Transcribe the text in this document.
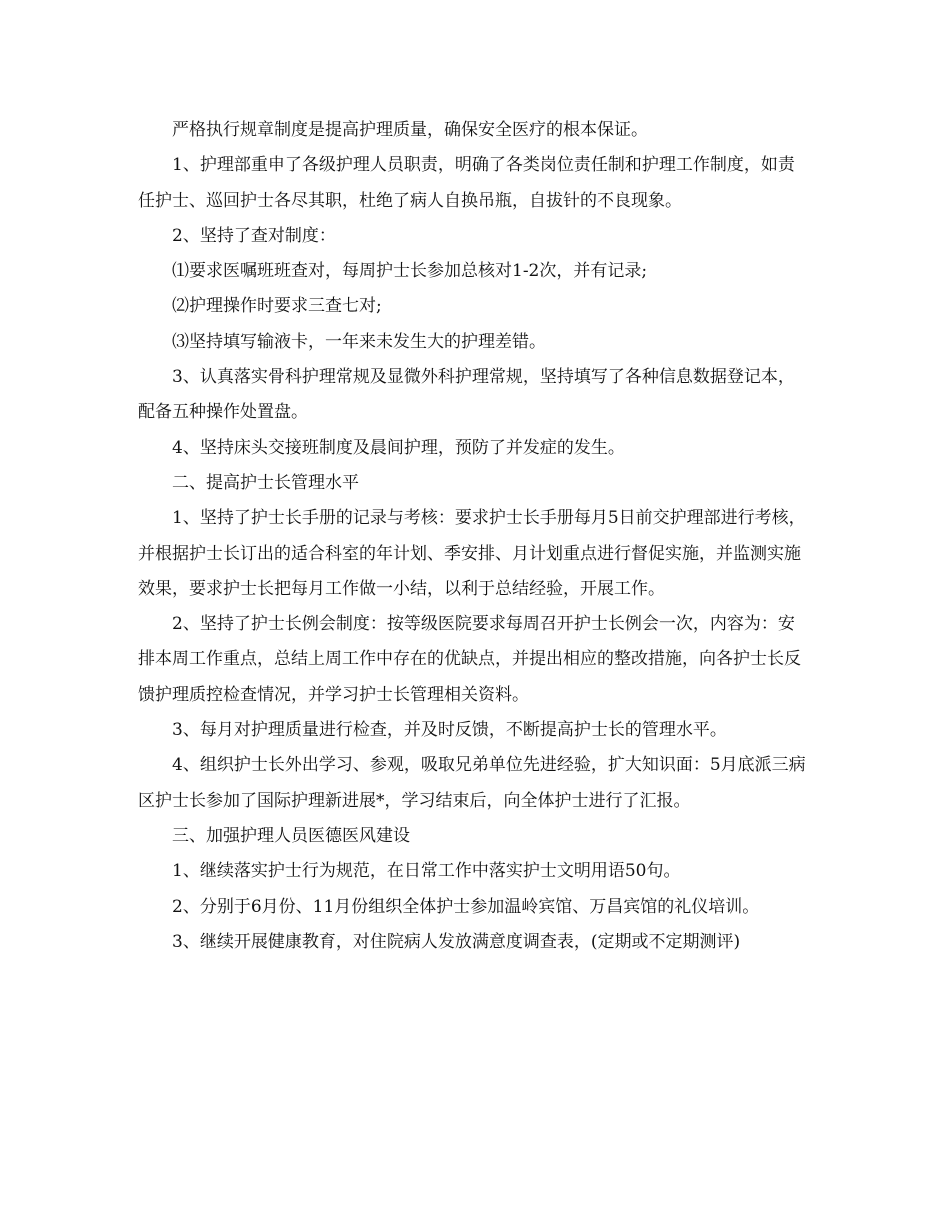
严格执行规章制度是提高护理质量，确保安全医疗的根本保证。

1、护理部重申了各级护理人员职责，明确了各类岗位责任制和护理工作制度，如责任护士、巡回护士各尽其职，杜绝了病人自换吊瓶，自拔针的不良现象。

2、坚持了查对制度：

⑴要求医嘱班班查对，每周护士长参加总核对1-2次，并有记录;

⑵护理操作时要求三查七对;

⑶坚持填写输液卡，一年来未发生大的护理差错。

3、认真落实骨科护理常规及显微外科护理常规，坚持填写了各种信息数据登记本，配备五种操作处置盘。

4、坚持床头交接班制度及晨间护理，预防了并发症的发生。

二、提高护士长管理水平

1、坚持了护士长手册的记录与考核：要求护士长手册每月5日前交护理部进行考核，并根据护士长订出的适合科室的年计划、季安排、月计划重点进行督促实施，并监测实施效果，要求护士长把每月工作做一小结，以利于总结经验，开展工作。

2、坚持了护士长例会制度：按等级医院要求每周召开护士长例会一次，内容为：安排本周工作重点，总结上周工作中存在的优缺点，并提出相应的整改措施，向各护士长反馈护理质控检查情况，并学习护士长管理相关资料。

3、每月对护理质量进行检查，并及时反馈，不断提高护士长的管理水平。

4、组织护士长外出学习、参观，吸取兄弟单位先进经验，扩大知识面：5月底派三病区护士长参加了国际护理新进展*，学习结束后，向全体护士进行了汇报。

三、加强护理人员医德医风建设

1、继续落实护士行为规范，在日常工作中落实护士文明用语50句。

2、分别于6月份、11月份组织全体护士参加温岭宾馆、万昌宾馆的礼仪培训。

3、继续开展健康教育，对住院病人发放满意度调查表，(定期或不定期测评)
